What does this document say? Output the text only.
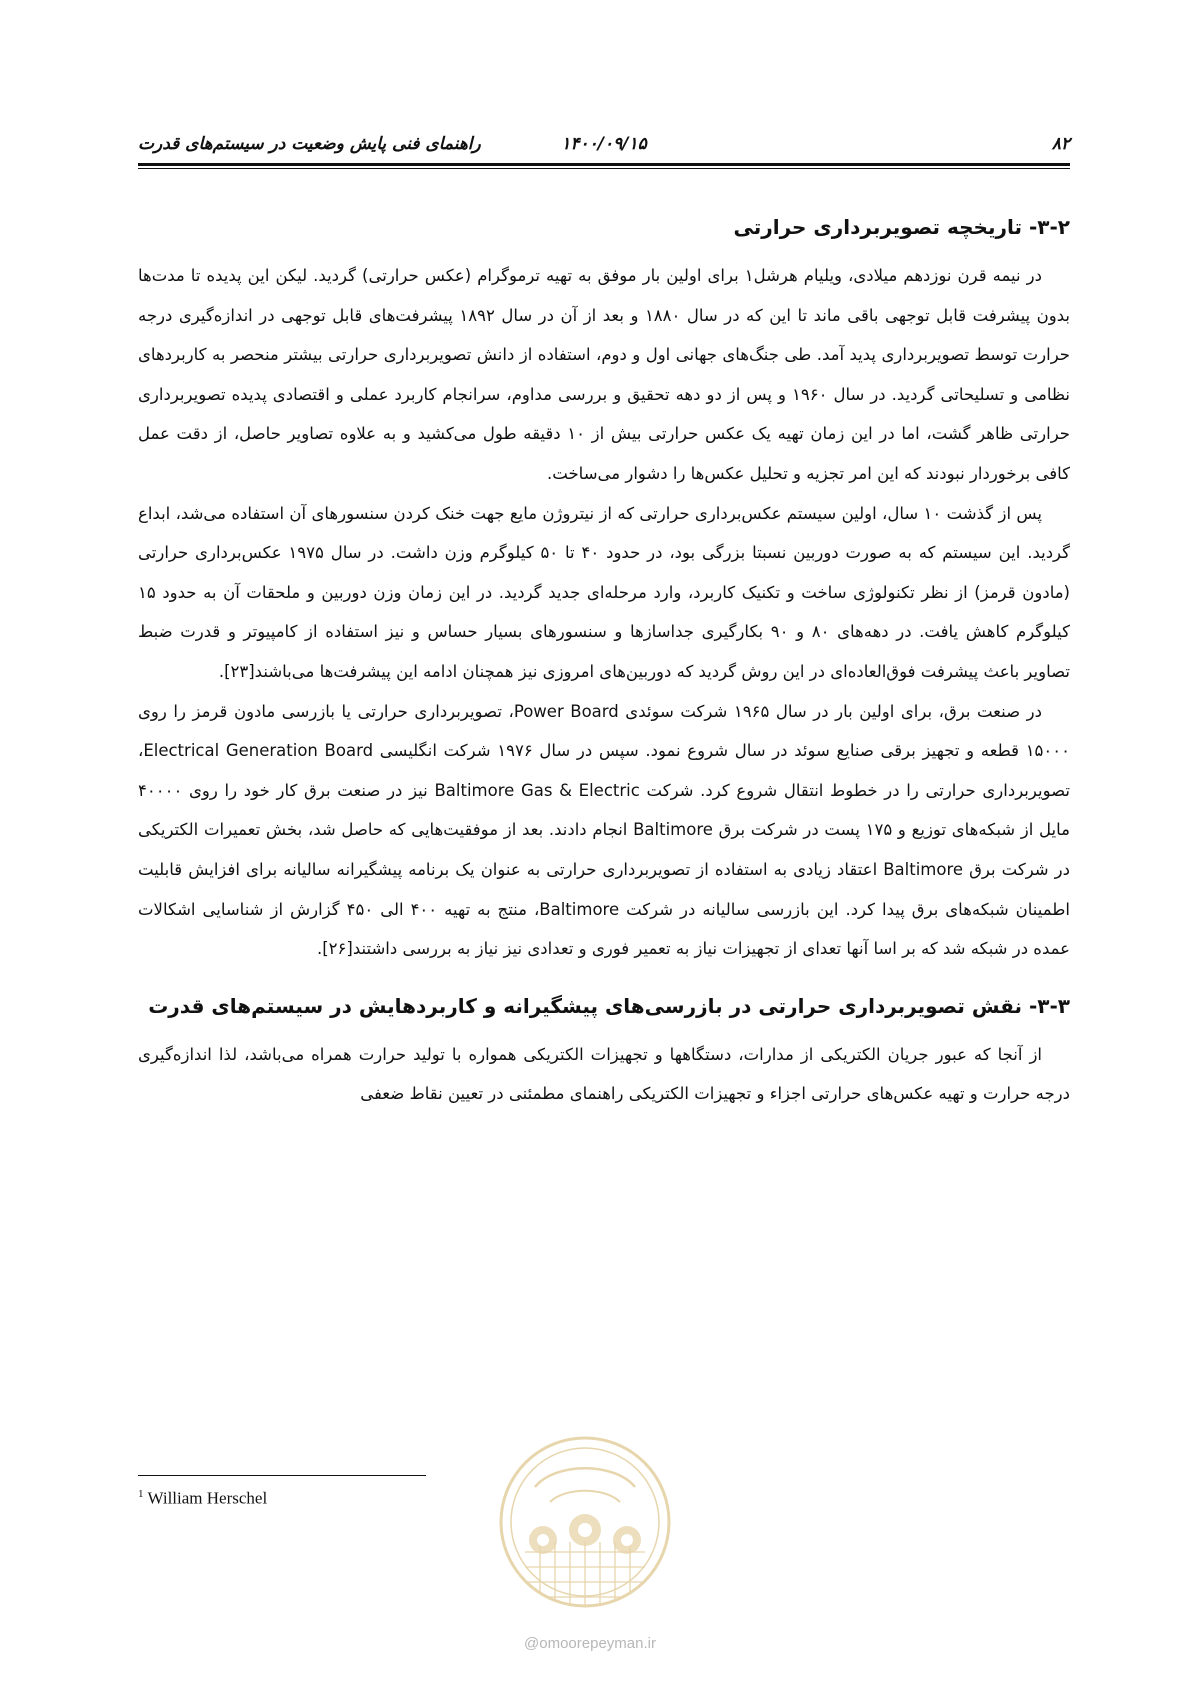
۸۲
۱۴۰۰/۰۹/۱۵
راهنمای فنی پایش وضعیت در سیستم‌های قدرت
۳-۲- تاریخچه تصویربرداری حرارتی

در نیمه قرن نوزدهم میلادی، ویلیام هرشل۱ برای اولین بار موفق به تهیه ترموگرام (عکس حرارتی) گردید. لیکن این پدیده تا مدت‌ها بدون پیشرفت قابل توجهی باقی ماند تا این که در سال ۱۸۸۰ و بعد از آن در سال ۱۸۹۲ پیشرفت‌های قابل توجهی در اندازه‌گیری درجه حرارت توسط تصویربرداری پدید آمد. طی جنگ‌های جهانی اول و دوم، استفاده از دانش تصویربرداری حرارتی بیشتر منحصر به کاربردهای نظامی و تسلیحاتی گردید. در سال ۱۹۶۰ و پس از دو دهه تحقیق و بررسی مداوم، سرانجام کاربرد عملی و اقتصادی پدیده تصویربرداری حرارتی ظاهر گشت، اما در این زمان تهیه یک عکس حرارتی بیش از ۱۰ دقیقه طول می‌کشید و به علاوه تصاویر حاصل، از دقت عمل کافی برخوردار نبودند که این امر تجزیه و تحلیل عکس‌ها را دشوار می‌ساخت.

پس از گذشت ۱۰ سال، اولین سیستم عکس‌برداری حرارتی که از نیتروژن مایع جهت خنک کردن سنسورهای آن استفاده می‌شد، ابداع گردید. این سیستم که به صورت دوربین نسبتا بزرگی بود، در حدود ۴۰ تا ۵۰ کیلوگرم وزن داشت. در سال ۱۹۷۵ عکس‌برداری حرارتی (مادون قرمز) از نظر تکنولوژی ساخت و تکنیک کاربرد، وارد مرحله‌ای جدید گردید. در این زمان وزن دوربین و ملحقات آن به حدود ۱۵ کیلوگرم کاهش یافت. در دهه‌های ۸۰ و ۹۰ بکارگیری جداسازها و سنسورهای بسیار حساس و نیز استفاده از کامپیوتر و قدرت ضبط تصاویر باعث پیشرفت فوق‌العاده‌ای در این روش گردید که دوربین‌های امروزی نیز همچنان ادامه این پیشرفت‌ها می‌باشند[۲۳].

در صنعت برق، برای اولین بار در سال ۱۹۶۵ شرکت سوئدی Power Board، تصویربرداری حرارتی یا بازرسی مادون قرمز را روی ۱۵۰۰۰ قطعه و تجهیز برقی صنایع سوئد در سال شروع نمود. سپس در سال ۱۹۷۶ شرکت انگلیسی Electrical Generation Board، تصویربرداری حرارتی را در خطوط انتقال شروع کرد. شرکت Baltimore Gas & Electric نیز در صنعت برق کار خود را روی ۴۰۰۰۰ مایل از شبکه‌های توزیع و ۱۷۵ پست در شرکت برق Baltimore انجام دادند. بعد از موفقیت‌هایی که حاصل شد، بخش تعمیرات الکتریکی در شرکت برق Baltimore اعتقاد زیادی به استفاده از تصویربرداری حرارتی به عنوان یک برنامه پیشگیرانه سالیانه برای افزایش قابلیت اطمینان شبکه‌های برق پیدا کرد. این بازرسی سالیانه در شرکت Baltimore، منتج به تهیه ۴۰۰ الی ۴۵۰ گزارش از شناسایی اشکالات عمده در شبکه شد که بر اسا آنها تعدای از تجهیزات نیاز به تعمیر فوری و تعدادی نیز نیاز به بررسی داشتند[۲۶].

۳-۳- نقش تصویربرداری حرارتی در بازرسی‌های پیشگیرانه و کاربردهایش در سیستم‌های قدرت

از آنجا که عبور جریان الکتریکی از مدارات، دستگاهها و تجهیزات الکتریکی همواره با تولید حرارت همراه می‌باشد، لذا اندازه‌گیری درجه حرارت و تهیه عکس‌های حرارتی اجزاء و تجهیزات الکتریکی راهنمای مطمئنی در تعیین نقاط ضعفی

$^1$ William Herschel
@omoorepeyman.ir
